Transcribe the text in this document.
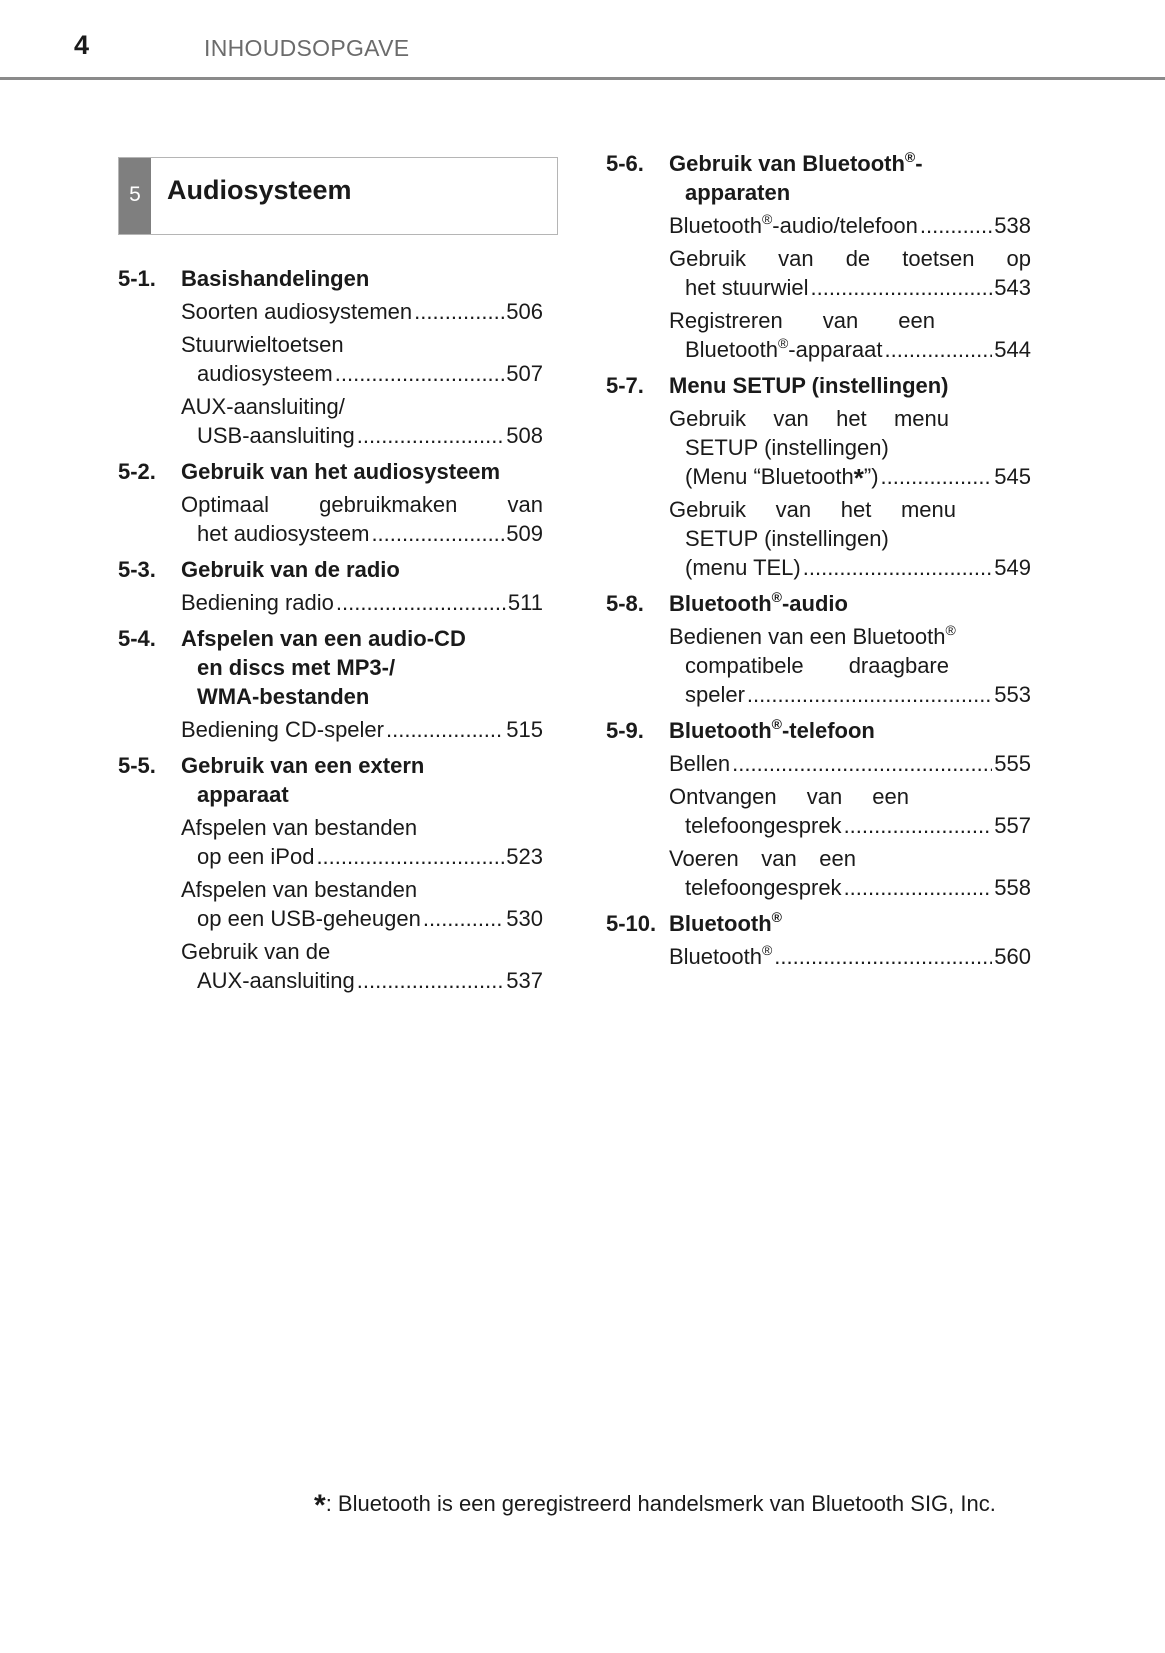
4	INHOUDSOPGAVE
5 Audiosysteem
5-1. Basishandelingen
Soorten audiosystemen .....	506
Stuurwieltoetsen
audiosysteem .....	507
AUX-aansluiting/
USB-aansluiting .....	508
5-2. Gebruik van het audiosysteem
Optimaal gebruikmaken van
het audiosysteem .....	509
5-3. Gebruik van de radio
Bediening radio .....	511
5-4. Afspelen van een audio-CD
en discs met MP3-/
WMA-bestanden
Bediening CD-speler .....	515
5-5. Gebruik van een extern
apparaat
Afspelen van bestanden
op een iPod .....	523
Afspelen van bestanden
op een USB-geheugen .....	530
Gebruik van de
AUX-aansluiting .....	537
5-6. Gebruik van Bluetooth®-
apparaten
Bluetooth®-audio/telefoon .....	538
Gebruik van de toetsen op
het stuurwiel .....	543
Registreren van een
Bluetooth®-apparaat .....	544
5-7. Menu SETUP (instellingen)
Gebruik van het menu
SETUP (instellingen)
(Menu “Bluetooth*”) .....	545
Gebruik van het menu
SETUP (instellingen)
(menu TEL) .....	549
5-8. Bluetooth®-audio
Bedienen van een Bluetooth®
compatibele draagbare
speler .....	553
5-9. Bluetooth®-telefoon
Bellen .....	555
Ontvangen van een
telefoongesprek .....	557
Voeren van een
telefoongesprek .....	558
5-10. Bluetooth®
Bluetooth® .....	560
*: Bluetooth is een geregistreerd handelsmerk van Bluetooth SIG, Inc.
